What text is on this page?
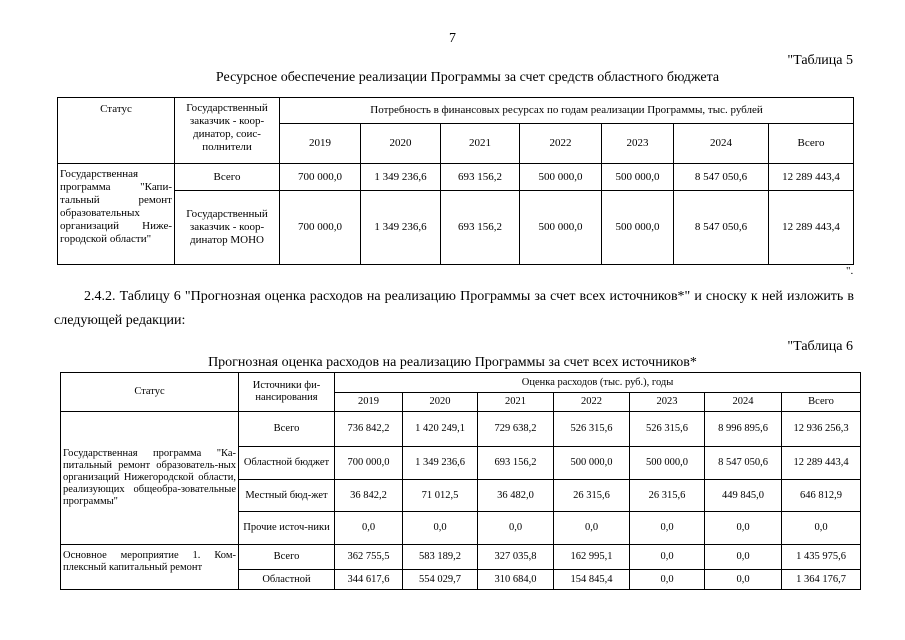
7
"Таблица 5
Ресурсное обеспечение реализации Программы за счет средств областного бюджета
Статус	Государственный заказчик - коор-динатор, соис-полнители	Потребность в финансовых ресурсах по годам реализации Программы, тыс. рублей						
		2019	2020	2021	2022	2023	2024	Всего
Государственная программа "Капи-тальный ремонт образовательных организаций Ниже-городской области"	Всего	700 000,0	1 349 236,6	693 156,2	500 000,0	500 000,0	8 547 050,6	12 289 443,4
	Государственный заказчик - коор-динатор МОНО	700 000,0	1 349 236,6	693 156,2	500 000,0	500 000,0	8 547 050,6	12 289 443,4
".
2.4.2. Таблицу 6 "Прогнозная оценка расходов на реализацию Программы за счет всех источников*" и сноску к ней изложить в следующей редакции:
"Таблица 6
Прогнозная оценка расходов на реализацию Программы за счет всех источников*
Статус	Источники фи-нансирования	Оценка расходов (тыс. руб.), годы						
		2019	2020	2021	2022	2023	2024	Всего
Государственная программа "Ка-питальный ремонт образователь-ных организаций Нижегородской области, реализующих общеобра-зовательные программы"	Всего	736 842,2	1 420 249,1	729 638,2	526 315,6	526 315,6	8 996 895,6	12 936 256,3
	Областной бюджет	700 000,0	1 349 236,6	693 156,2	500 000,0	500 000,0	8 547 050,6	12 289 443,4
	Местный бюд-жет	36 842,2	71 012,5	36 482,0	26 315,6	26 315,6	449 845,0	646 812,9
	Прочие источ-ники	0,0	0,0	0,0	0,0	0,0	0,0	0,0
Основное мероприятие 1. Ком-плексный капитальный ремонт	Всего	362 755,5	583 189,2	327 035,8	162 995,1	0,0	0,0	1 435 975,6
	Областной	344 617,6	554 029,7	310 684,0	154 845,4	0,0	0,0	1 364 176,7
